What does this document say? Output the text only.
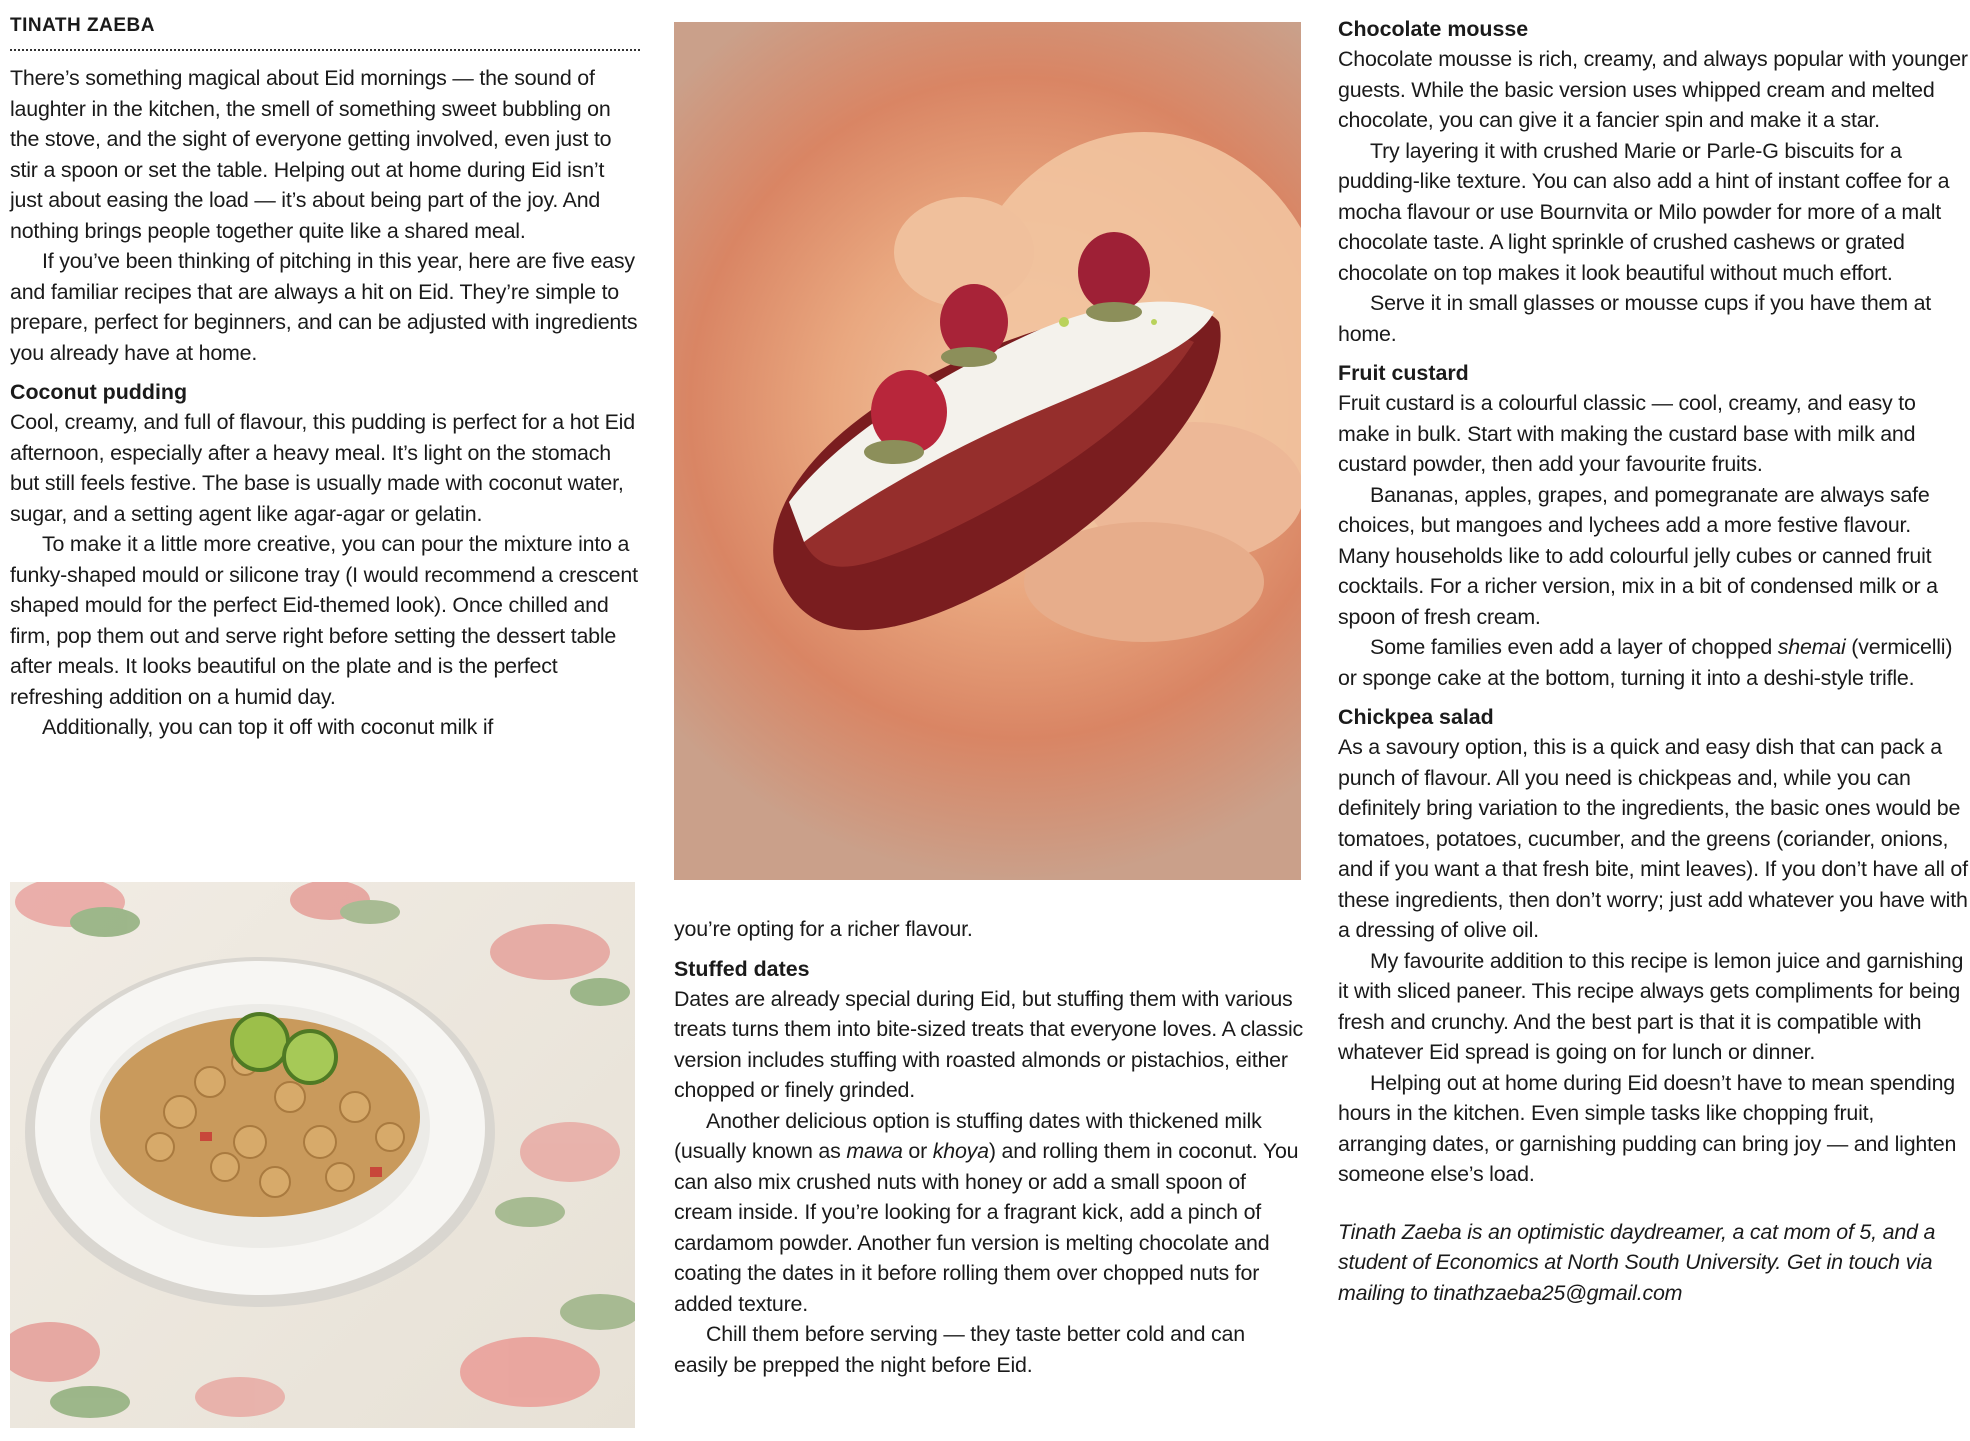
TINATH ZAEBA

There’s something magical about Eid mornings — the sound of laughter in the kitchen, the smell of something sweet bubbling on the stove, and the sight of everyone getting involved, even just to stir a spoon or set the table. Helping out at home during Eid isn’t just about easing the load — it’s about being part of the joy. And nothing brings people together quite like a shared meal.

If you’ve been thinking of pitching in this year, here are five easy and familiar recipes that are always a hit on Eid. They’re simple to prepare, perfect for beginners, and can be adjusted with ingredients you already have at home.

Coconut pudding

Cool, creamy, and full of flavour, this pudding is perfect for a hot Eid afternoon, especially after a heavy meal. It’s light on the stomach but still feels festive. The base is usually made with coconut water, sugar, and a setting agent like agar-agar or gelatin.

To make it a little more creative, you can pour the mixture into a funky-shaped mould or silicone tray (I would recommend a crescent shaped mould for the perfect Eid-themed look). Once chilled and firm, pop them out and serve right before setting the dessert table after meals. It looks beautiful on the plate and is the perfect refreshing addition on a humid day.

Additionally, you can top it off with coconut milk if

you’re opting for a richer flavour.

Stuffed dates

Dates are already special during Eid, but stuffing them with various treats turns them into bite-sized treats that everyone loves. A classic version includes stuffing with roasted almonds or pistachios, either chopped or finely grinded.

Another delicious option is stuffing dates with thickened milk (usually known as mawa or khoya) and rolling them in coconut. You can also mix crushed nuts with honey or add a small spoon of cream inside. If you’re looking for a fragrant kick, add a pinch of cardamom powder. Another fun version is melting chocolate and coating the dates in it before rolling them over chopped nuts for added texture.

Chill them before serving — they taste better cold and can easily be prepped the night before Eid.

Chocolate mousse

Chocolate mousse is rich, creamy, and always popular with younger guests. While the basic version uses whipped cream and melted chocolate, you can give it a fancier spin and make it a star.

Try layering it with crushed Marie or Parle-G biscuits for a pudding-like texture. You can also add a hint of instant coffee for a mocha flavour or use Bournvita or Milo powder for more of a malt chocolate taste. A light sprinkle of crushed cashews or grated chocolate on top makes it look beautiful without much effort.

Serve it in small glasses or mousse cups if you have them at home.

Fruit custard

Fruit custard is a colourful classic — cool, creamy, and easy to make in bulk. Start with making the custard base with milk and custard powder, then add your favourite fruits.

Bananas, apples, grapes, and pomegranate are always safe choices, but mangoes and lychees add a more festive flavour. Many households like to add colourful jelly cubes or canned fruit cocktails. For a richer version, mix in a bit of condensed milk or a spoon of fresh cream.

Some families even add a layer of chopped shemai (vermicelli) or sponge cake at the bottom, turning it into a deshi-style trifle.

Chickpea salad

As a savoury option, this is a quick and easy dish that can pack a punch of flavour. All you need is chickpeas and, while you can definitely bring variation to the ingredients, the basic ones would be tomatoes, potatoes, cucumber, and the greens (coriander, onions, and if you want a that fresh bite, mint leaves). If you don’t have all of these ingredients, then don’t worry; just add whatever you have with a dressing of olive oil.

My favourite addition to this recipe is lemon juice and garnishing it with sliced paneer. This recipe always gets compliments for being fresh and crunchy. And the best part is that it is compatible with whatever Eid spread is going on for lunch or dinner.

Helping out at home during Eid doesn’t have to mean spending hours in the kitchen. Even simple tasks like chopping fruit, arranging dates, or garnishing pudding can bring joy — and lighten someone else’s load.

Tinath Zaeba is an optimistic daydreamer, a cat mom of 5, and a student of Economics at North South University. Get in touch via mailing to tinathzaeba25@gmail.com
